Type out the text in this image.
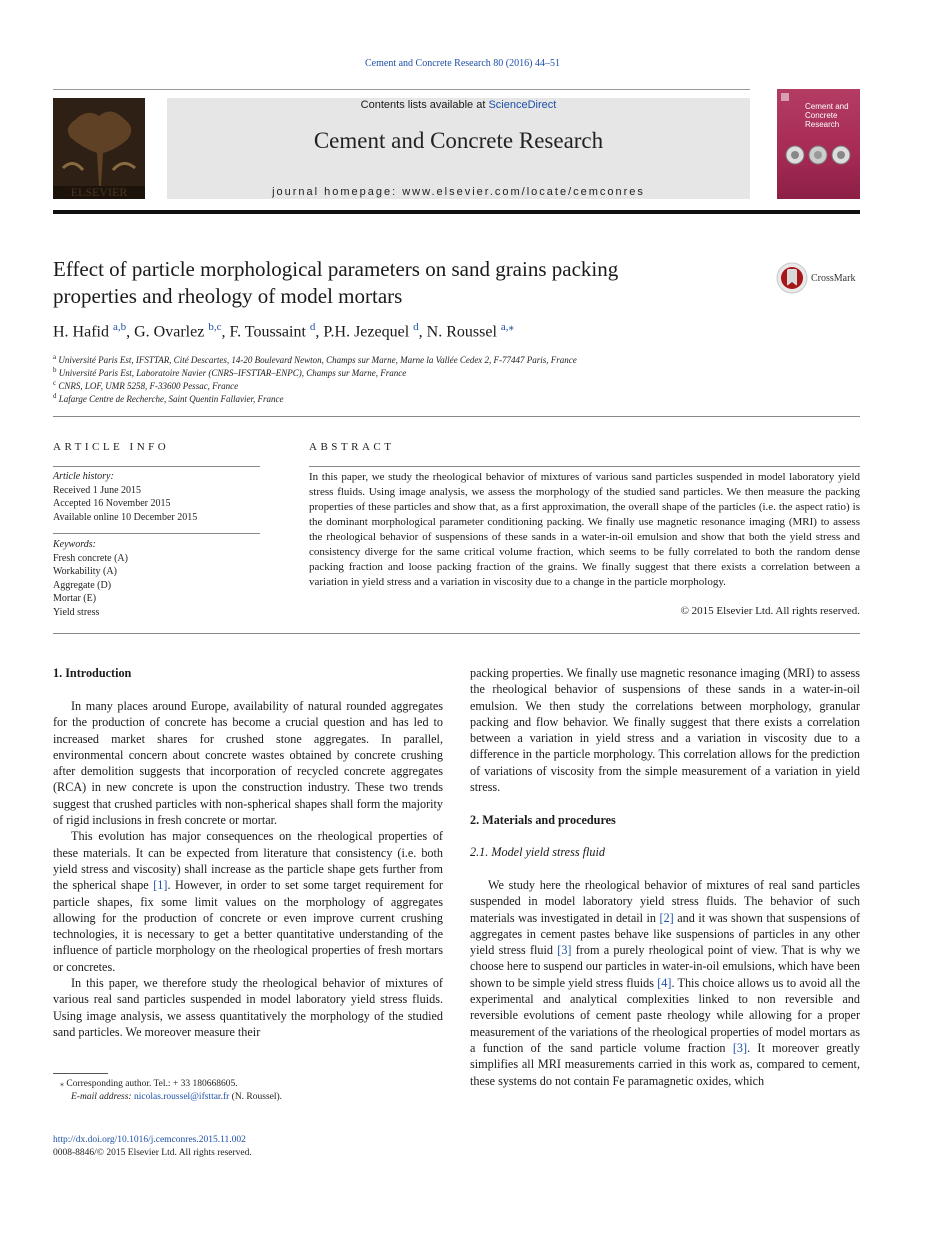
Cement and Concrete Research 80 (2016) 44–51
ELSEVIER
Contents lists available at ScienceDirect
Cement and Concrete Research
journal homepage: www.elsevier.com/locate/cemconres
Cement and Concrete Research
Effect of particle morphological parameters on sand grains packing
properties and rheology of model mortars
CrossMark
H. Hafid $^{a,b}$, G. Ovarlez $^{b,c}$, F. Toussaint $^d$, P.H. Jezequel $^d$, N. Roussel $^{a,⁎}$
$^a$ Université Paris Est, IFSTTAR, Cité Descartes, 14-20 Boulevard Newton, Champs sur Marne, Marne la Vallée Cedex 2, F-77447 Paris, France
$^b$ Université Paris Est, Laboratoire Navier (CNRS–IFSTTAR–ENPC), Champs sur Marne, France
$^c$ CNRS, LOF, UMR 5258, F-33600 Pessac, France
$^d$ Lafarge Centre de Recherche, Saint Quentin Fallavier, France
ARTICLE INFO
Article history:
Received 1 June 2015
Accepted 16 November 2015
Available online 10 December 2015
Keywords:
Fresh concrete (A)
Workability (A)
Aggregate (D)
Mortar (E)
Yield stress
ABSTRACT
In this paper, we study the rheological behavior of mixtures of various sand particles suspended in model laboratory yield stress fluids. Using image analysis, we assess the morphology of the studied sand particles. We then measure the packing properties of these particles and show that, as a first approximation, the overall shape of the particles (i.e. the aspect ratio) is the dominant morphological parameter conditioning packing. We finally use magnetic resonance imaging (MRI) to assess the rheological behavior of suspensions of these sands in a water-in-oil emulsion and show that both the yield stress and consistency diverge for the same critical volume fraction, which seems to be fully correlated to both the random dense packing fraction and loose packing fraction of the grains. We finally suggest that there exists a correlation between a variation in yield stress and a variation in viscosity due to a change in the particle morphology.
© 2015 Elsevier Ltd. All rights reserved.
1. Introduction

In many places around Europe, availability of natural rounded aggregates for the production of concrete has become a crucial question and has led to increased market shares for crushed stone aggregates. In parallel, environmental concern about concrete wastes obtained by concrete crushing after demolition suggests that incorporation of recycled concrete aggregates (RCA) in new concrete is upon the construction industry. These two trends suggest that crushed particles with non-spherical shapes shall form the majority of rigid inclusions in fresh concrete or mortar.

This evolution has major consequences on the rheological properties of these materials. It can be expected from literature that consistency (i.e. both yield stress and viscosity) shall increase as the particle shape gets further from the spherical shape [1]. However, in order to set some target requirement for particle shapes, fix some limit values on the morphology of aggregates allowing for the production of concrete or even improve current crushing technologies, it is necessary to get a better quantitative understanding of the influence of particle morphology on the rheological properties of fresh mortars or concretes.

In this paper, we therefore study the rheological behavior of mixtures of various real sand particles suspended in model laboratory yield stress fluids. Using image analysis, we assess quantitatively the morphology of the studied sand particles. We moreover measure their

⁎ Corresponding author. Tel.: + 33 180668605.
E-mail address: nicolas.roussel@ifsttar.fr (N. Roussel).
http://dx.doi.org/10.1016/j.cemconres.2015.11.002
0008-8846/© 2015 Elsevier Ltd. All rights reserved.

packing properties. We finally use magnetic resonance imaging (MRI) to assess the rheological behavior of suspensions of these sands in a water-in-oil emulsion. We then study the correlations between morphology, granular packing and flow behavior. We finally suggest that there exists a correlation between a variation in yield stress and a variation in viscosity due to a difference in the particle morphology. This correlation allows for the prediction of variations of viscosity from the simple measurement of a variation in yield stress.

2. Materials and procedures
2.1. Model yield stress fluid

We study here the rheological behavior of mixtures of real sand particles suspended in model laboratory yield stress fluids. The behavior of such materials was investigated in detail in [2] and it was shown that suspensions of aggregates in cement pastes behave like suspensions of particles in any other yield stress fluid [3] from a purely rheological point of view. That is why we choose here to suspend our particles in water-in-oil emulsions, which have been shown to be simple yield stress fluids [4]. This choice allows us to avoid all the experimental and analytical complexities linked to non reversible and reversible evolutions of cement paste rheology while allowing for a proper measurement of the variations of the rheological properties of model mortars as a function of the sand particle volume fraction [3]. It moreover greatly simplifies all MRI measurements carried in this work as, compared to cement, these systems do not contain Fe paramagnetic oxides, which
